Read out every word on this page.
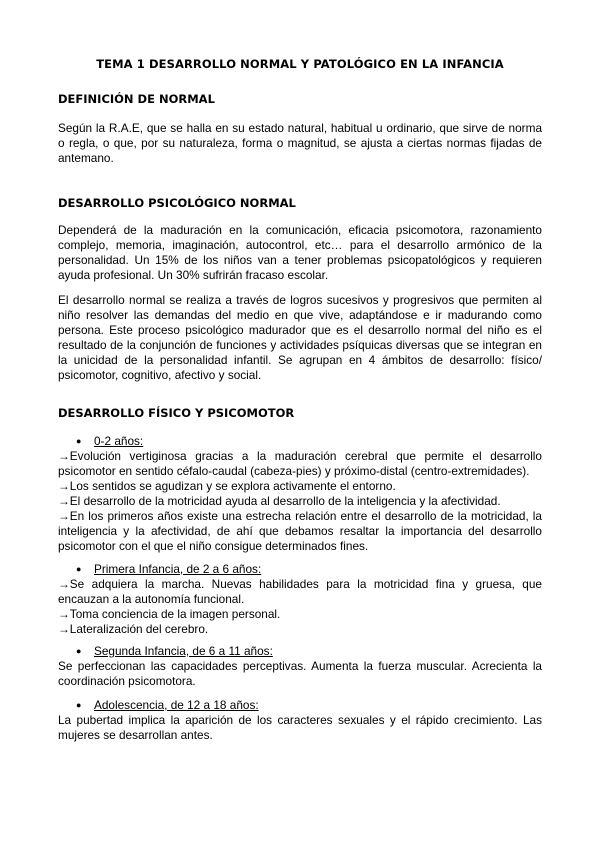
TEMA 1 DESARROLLO NORMAL Y PATOLÓGICO EN LA INFANCIA
DEFINICIÓN DE NORMAL

Según la R.A.E, que se halla en su estado natural, habitual u ordinario, que sirve de norma o regla, o que, por su naturaleza, forma o magnitud, se ajusta a ciertas normas fijadas de antemano.

DESARROLLO PSICOLÓGICO NORMAL

Dependerá de la maduración en la comunicación, eficacia psicomotora, razonamiento complejo, memoria, imaginación, autocontrol, etc… para el desarrollo armónico de la personalidad. Un 15% de los niños van a tener problemas psicopatológicos y requieren ayuda profesional. Un 30% sufrirán fracaso escolar.

El desarrollo normal se realiza a través de logros sucesivos y progresivos que permiten al niño resolver las demandas del medio en que vive, adaptándose e ir madurando como persona. Este proceso psicológico madurador que es el desarrollo normal del niño es el resultado de la conjunción de funciones y actividades psíquicas diversas que se integran en la unicidad de la personalidad infantil. Se agrupan en 4 ámbitos de desarrollo: físico/ psicomotor, cognitivo, afectivo y social.

DESARROLLO FÍSICO Y PSICOMOTOR
● 0-2 años:

→Evolución vertiginosa gracias a la maduración cerebral que permite el desarrollo psicomotor en sentido céfalo-caudal (cabeza-pies) y próximo-distal (centro-extremidades).
→Los sentidos se agudizan y se explora activamente el entorno.
→El desarrollo de la motricidad ayuda al desarrollo de la inteligencia y la afectividad.
→En los primeros años existe una estrecha relación entre el desarrollo de la motricidad, la inteligencia y la afectividad, de ahí que debamos resaltar la importancia del desarrollo psicomotor con el que el niño consigue determinados fines.

● Primera Infancia, de 2 a 6 años:

→Se adquiera la marcha. Nuevas habilidades para la motricidad fina y gruesa, que encauzan a la autonomía funcional.
→Toma conciencia de la imagen personal.
→Lateralización del cerebro.

● Segunda Infancia, de 6 a 11 años:

Se perfeccionan las capacidades perceptivas. Aumenta la fuerza muscular. Acrecienta la coordinación psicomotora.

● Adolescencia, de 12 a 18 años:

La pubertad implica la aparición de los caracteres sexuales y el rápido crecimiento. Las mujeres se desarrollan antes.
